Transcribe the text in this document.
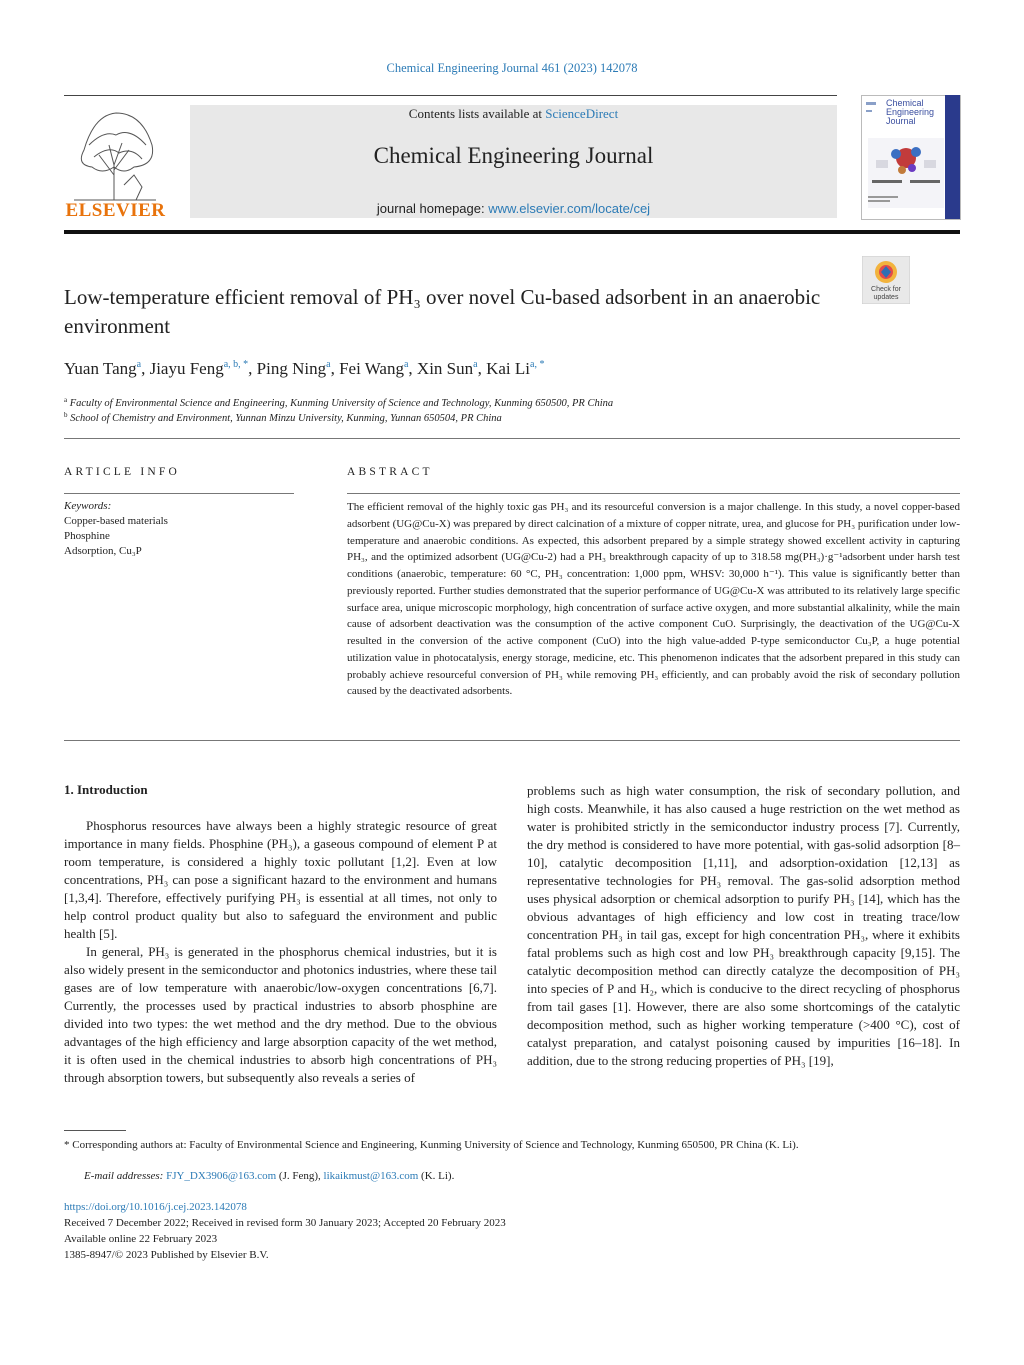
Chemical Engineering Journal 461 (2023) 142078
ELSEVIER
Contents lists available at ScienceDirect
Chemical Engineering Journal
journal homepage: www.elsevier.com/locate/cej
Chemical Engineering Journal
Check for updates
Low-temperature efficient removal of PH₃ over novel Cu-based adsorbent in an anaerobic environment
Yuan Tang$^a$, Jiayu Feng$^{a, b, *}$, Ping Ning$^a$, Fei Wang$^a$, Xin Sun$^a$, Kai $Li^{a, *}$
$^a$ Faculty of Environmental Science and Engineering, Kunming University of Science and Technology, Kunming 650500, PR China
$^b$ School of Chemistry and Environment, Yunnan Minzu University, Kunming, Yunnan 650504, PR China
ARTICLE INFO	ABSTRACT
Keywords:
Copper-based materials
Phosphine
Adsorption, Cu₃P
The efficient removal of the highly toxic gas PH₃ and its resourceful conversion is a major challenge. In this study, a novel copper-based adsorbent (UG@Cu-X) was prepared by direct calcination of a mixture of copper nitrate, urea, and glucose for PH₃ purification under low-temperature and anaerobic conditions. As expected, this adsorbent prepared by a simple strategy showed excellent activity in capturing PH₃, and the optimized adsorbent (UG@Cu-2) had a PH₃ breakthrough capacity of up to 318.58 mg(PH₃)·g⁻¹adsorbent under harsh test conditions (anaerobic, temperature: 60 °C, PH₃ concentration: 1,000 ppm, WHSV: 30,000 h⁻¹). This value is significantly better than previously reported. Further studies demonstrated that the superior performance of UG@Cu-X was attributed to its relatively large specific surface area, unique microscopic morphology, high concentration of surface active oxygen, and more substantial alkalinity, while the main cause of adsorbent deactivation was the consumption of the active component CuO. Surprisingly, the deactivation of the UG@Cu-X resulted in the conversion of the active component (CuO) into the high value-added P-type semiconductor Cu₃P, a huge potential utilization value in photocatalysis, energy storage, medicine, etc. This phenomenon indicates that the adsorbent prepared in this study can probably achieve resourceful conversion of PH₃ while removing PH₃ efficiently, and can probably avoid the risk of secondary pollution caused by the deactivated adsorbents.
1. Introduction

Phosphorus resources have always been a highly strategic resource of great importance in many fields. Phosphine (PH₃), a gaseous compound of element P at room temperature, is considered a highly toxic pollutant [1,2]. Even at low concentrations, PH₃ can pose a significant hazard to the environment and humans [1,3,4]. Therefore, effectively purifying PH₃ is essential at all times, not only to help control product quality but also to safeguard the environment and public health [5].

In general, PH₃ is generated in the phosphorus chemical industries, but it is also widely present in the semiconductor and photonics industries, where these tail gases are of low temperature with anaerobic/low-oxygen concentrations [6,7]. Currently, the processes used by practical industries to absorb phosphine are divided into two types: the wet method and the dry method. Due to the obvious advantages of the high efficiency and large absorption capacity of the wet method, it is often used in the chemical industries to absorb high concentrations of PH₃ through absorption towers, but subsequently also reveals a series of

problems such as high water consumption, the risk of secondary pollution, and high costs. Meanwhile, it has also caused a huge restriction on the wet method as water is prohibited strictly in the semiconductor industry process [7]. Currently, the dry method is considered to have more potential, with gas-solid adsorption [8–10], catalytic decomposition [1,11], and adsorption-oxidation [12,13] as representative technologies for PH₃ removal. The gas-solid adsorption method uses physical adsorption or chemical adsorption to purify PH₃ [14], which has the obvious advantages of high efficiency and low cost in treating trace/low concentration PH₃ in tail gas, except for high concentration PH₃, where it exhibits fatal problems such as high cost and low PH₃ breakthrough capacity [9,15]. The catalytic decomposition method can directly catalyze the decomposition of PH₃ into species of P and H₂, which is conducive to the direct recycling of phosphorus from tail gases [1]. However, there are also some shortcomings of the catalytic decomposition method, such as higher working temperature (>400 °C), cost of catalyst preparation, and catalyst poisoning caused by impurities [16–18]. In addition, due to the strong reducing properties of PH₃ [19],

* Corresponding authors at: Faculty of Environmental Science and Engineering, Kunming University of Science and Technology, Kunming 650500, PR China (K. Li).
E-mail addresses: FJY_DX3906@163.com (J. Feng), likaikmust@163.com (K. Li).
https://doi.org/10.1016/j.cej.2023.142078
Received 7 December 2022; Received in revised form 30 January 2023; Accepted 20 February 2023
Available online 22 February 2023
1385-8947/© 2023 Published by Elsevier B.V.
